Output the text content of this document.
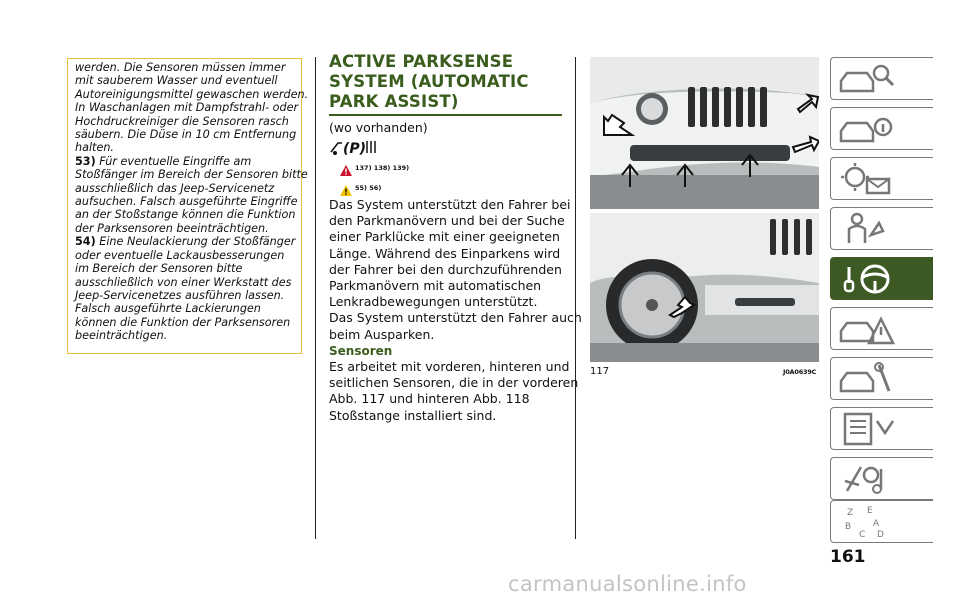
werden. Die Sensoren müssen immer
mit sauberem Wasser und eventuell
Autoreinigungsmittel gewaschen werden.
In Waschanlagen mit Dampfstrahl- oder
Hochdruckreiniger die Sensoren rasch
säubern. Die Düse in 10 cm Entfernung
halten.

53) Für eventuelle Eingriffe am
Stoßfänger im Bereich der Sensoren bitte
ausschließlich das Jeep-Servicenetz
aufsuchen. Falsch ausgeführte Eingriffe
an der Stoßstange können die Funktion
der Parksensoren beeinträchtigen.

54) Eine Neulackierung der Stoßfänger
oder eventuelle Lackausbesserungen
im Bereich der Sensoren bitte
ausschließlich von einer Werkstatt des
Jeep-Servicenetzes ausführen lassen.
Falsch ausgeführte Lackierungen
können die Funktion der Parksensoren
beeinträchtigen.

ACTIVE PARKSENSE
SYSTEM (AUTOMATIC
PARK ASSIST)
(wo vorhanden)
(P)
137) 138) 139)
55) 56)

Das System unterstützt den Fahrer bei

den Parkmanövern und bei der Suche

einer Parklücke mit einer geeigneten

Länge. Während des Einparkens wird

der Fahrer bei den durchzuführenden

Parkmanövern mit automatischen

Lenkradbewegungen unterstützt.

Das System unterstützt den Fahrer auch

beim Ausparken.

Sensoren

Es arbeitet mit vorderen, hinteren und

seitlichen Sensoren, die in der vorderen

Abb. 117 und hinteren Abb. 118

Stoßstange installiert sind.

117	J0A0639C
Z E
B
C
A
D
161
carmanualsonline.info
